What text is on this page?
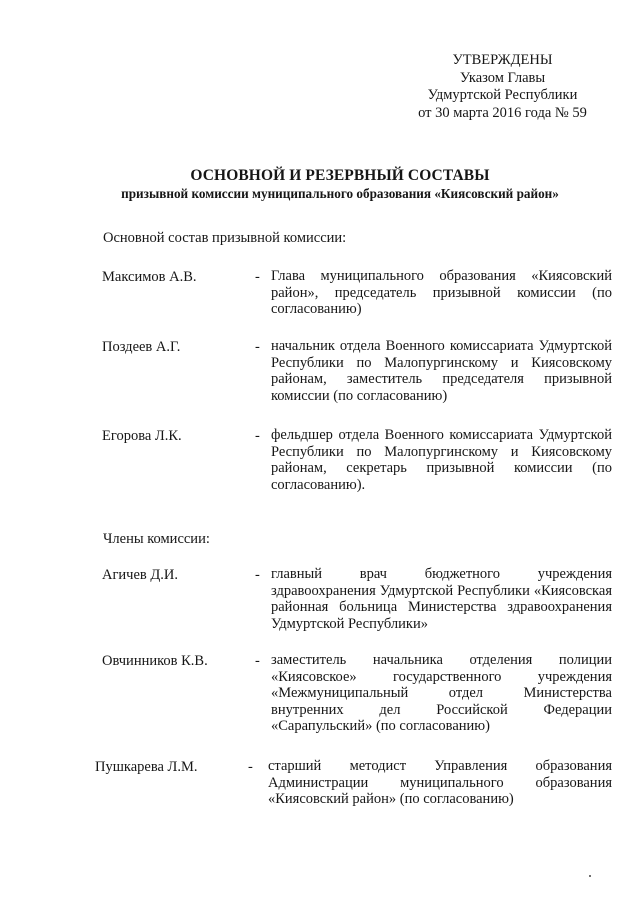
УТВЕРЖДЕНЫ
Указом Главы
Удмуртской Республики
от 30 марта 2016 года № 59
ОСНОВНОЙ И РЕЗЕРВНЫЙ СОСТАВЫ
призывной комиссии муниципального образования «Киясовский район»
Основной состав призывной комиссии:
Максимов А.В.	- Глава муниципального образования «Киясовский район», председатель призывной комиссии (по согласованию)
Поздеев А.Г.	- начальник отдела Военного комиссариата Удмуртской Республики по Малопургинскому и Киясовскому районам, заместитель председателя призывной комиссии (по согласованию)
Егорова Л.К.	- фельдшер отдела Военного комиссариата Удмуртской Республики по Малопургинскому и Киясовскому районам, секретарь призывной комиссии (по согласованию).
Члены комиссии:
Агичев Д.И.	- главный врач бюджетного учреждения здравоохранения Удмуртской Республики «Киясовская районная больница Министерства здравоохранения Удмуртской Республики»
Овчинников К.В.	- заместитель начальника отделения полиции «Киясовское» государственного учреждения «Межмуниципальный отдел Министерства внутренних дел Российской Федерации «Сарапульский» (по согласованию)
Пушкарева Л.М.	- старший методист Управления образования Администрации муниципального образования «Киясовский район» (по согласованию)
